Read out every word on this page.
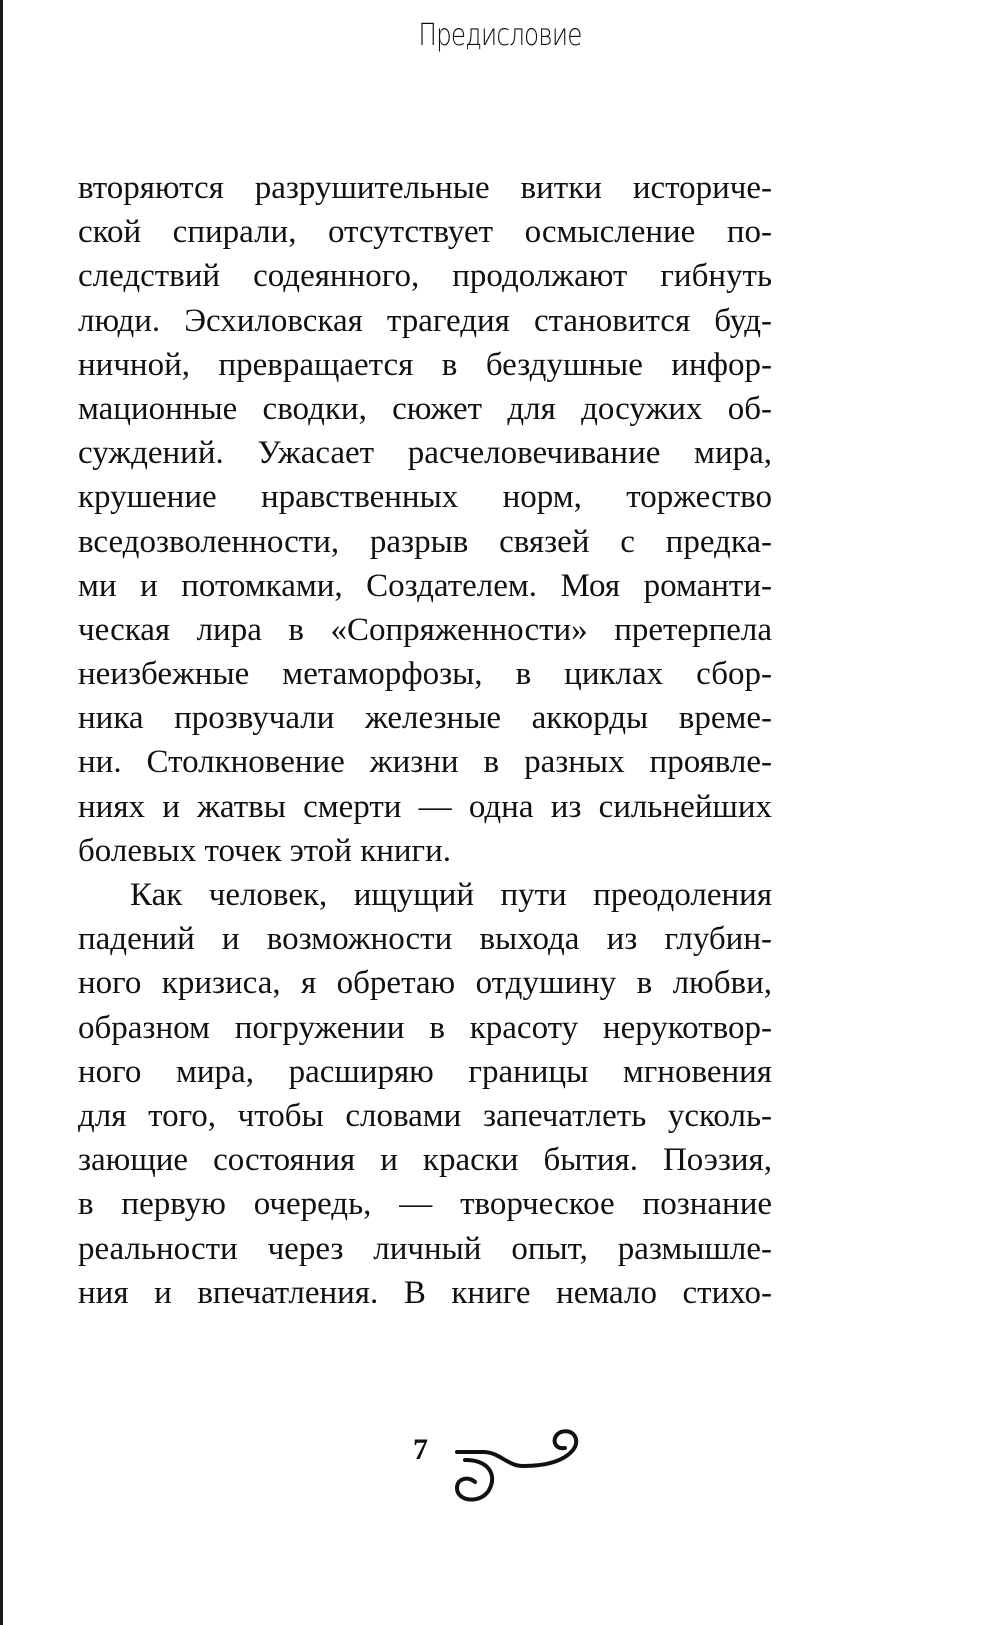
Предисловие
вторяются разрушительные витки историче-
ской спирали, отсутствует осмысление по-
следствий содеянного, продолжают гибнуть
люди. Эсхиловская трагедия становится буд-
ничной, превращается в бездушные инфор-
мационные сводки, сюжет для досужих об-
суждений. Ужасает расчеловечивание мира,
крушение нравственных норм, торжество
вседозволенности, разрыв связей с предка-
ми и потомками, Создателем. Моя романти-
ческая лира в «Сопряженности» претерпела
неизбежные метаморфозы, в циклах сбор-
ника прозвучали железные аккорды време-
ни. Столкновение жизни в разных проявле-
ниях и жатвы смерти — одна из сильнейших
болевых точек этой книги.
Как человек, ищущий пути преодоления
падений и возможности выхода из глубин-
ного кризиса, я обретаю отдушину в любви,
образном погружении в красоту нерукотвор-
ного мира, расширяю границы мгновения
для того, чтобы словами запечатлеть усколь-
зающие состояния и краски бытия. Поэзия,
в первую очередь, — творческое познание
реальности через личный опыт, размышле-
ния и впечатления. В книге немало стихо-
7
